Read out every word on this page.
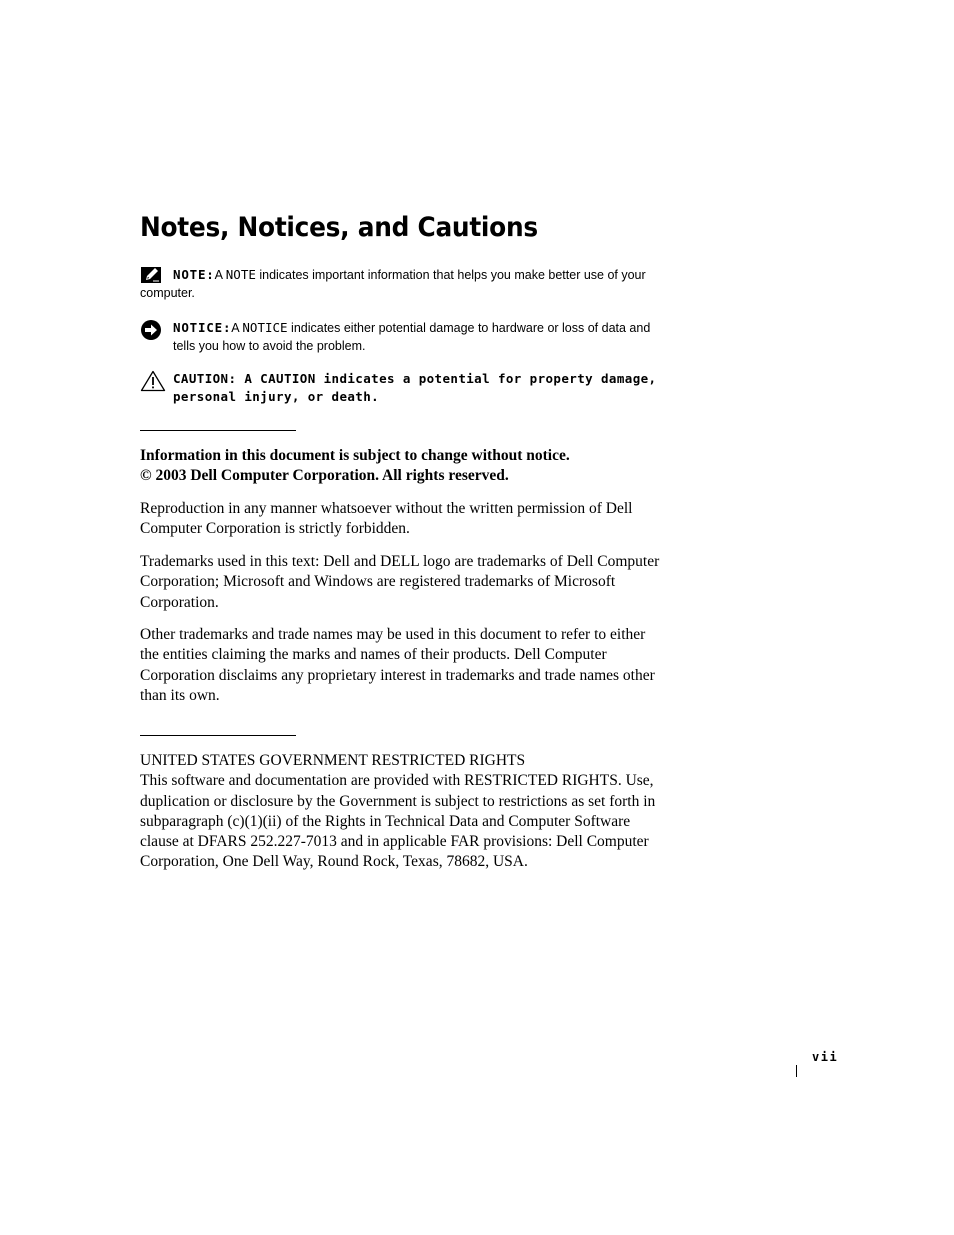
Notes, Notices, and Cautions
NOTE:A NOTE indicates important information that helps you make better use of your computer.
NOTICE:A NOTICE indicates either potential damage to hardware or loss of data and tells you how to avoid the problem.
CAUTION: A CAUTION indicates a potential for property damage, personal injury, or death.

Information in this document is subject to change without notice.

© 2003 Dell Computer Corporation. All rights reserved.

Reproduction in any manner whatsoever without the written permission of Dell Computer Corporation is strictly forbidden.

Trademarks used in this text: Dell and DELL logo are trademarks of Dell Computer Corporation; Microsoft and Windows are registered trademarks of Microsoft Corporation.

Other trademarks and trade names may be used in this document to refer to either the entities claiming the marks and names of their products. Dell Computer Corporation disclaims any proprietary interest in trademarks and trade names other than its own.

UNITED STATES GOVERNMENT RESTRICTED RIGHTS

This software and documentation are provided with RESTRICTED RIGHTS. Use, duplication or disclosure by the Government is subject to restrictions as set forth in subparagraph (c)(1)(ii) of the Rights in Technical Data and Computer Software clause at DFARS 252.227-7013 and in applicable FAR provisions: Dell Computer Corporation, One Dell Way, Round Rock, Texas, 78682, USA.

vii
